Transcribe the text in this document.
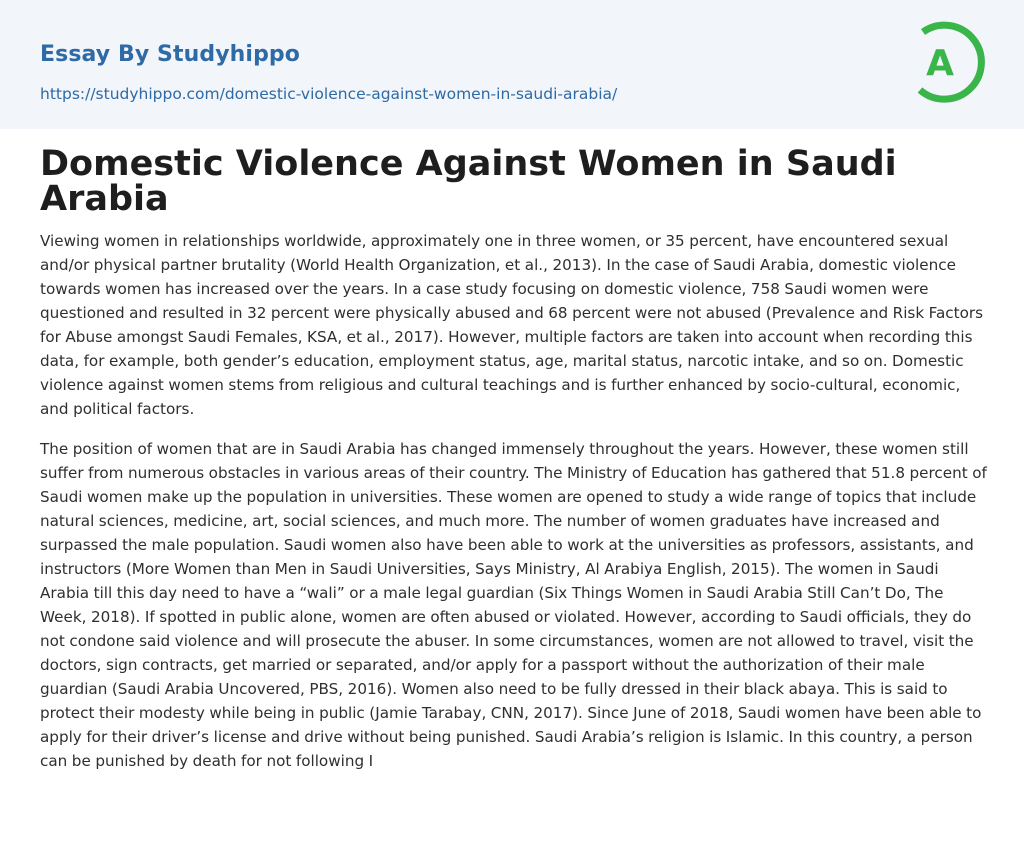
Essay By Studyhippo
https://studyhippo.com/domestic-violence-against-women-in-saudi-arabia/
A
Domestic Violence Against Women in Saudi Arabia

Viewing women in relationships worldwide, approximately one in three women, or 35 percent, have encountered sexual and/or physical partner brutality (World Health Organization, et al., 2013). In the case of Saudi Arabia, domestic violence towards women has increased over the years. In a case study focusing on domestic violence, 758 Saudi women were questioned and resulted in 32 percent were physically abused and 68 percent were not abused (Prevalence and Risk Factors for Abuse amongst Saudi Females, KSA, et al., 2017). However, multiple factors are taken into account when recording this data, for example, both gender’s education, employment status, age, marital status, narcotic intake, and so on. Domestic violence against women stems from religious and cultural teachings and is further enhanced by socio-cultural, economic, and political factors.

The position of women that are in Saudi Arabia has changed immensely throughout the years. However, these women still suffer from numerous obstacles in various areas of their country. The Ministry of Education has gathered that 51.8 percent of Saudi women make up the population in universities. These women are opened to study a wide range of topics that include natural sciences, medicine, art, social sciences, and much more. The number of women graduates have increased and surpassed the male population. Saudi women also have been able to work at the universities as professors, assistants, and instructors (More Women than Men in Saudi Universities, Says Ministry, Al Arabiya English, 2015). The women in Saudi Arabia till this day need to have a “wali” or a male legal guardian (Six Things Women in Saudi Arabia Still Can’t Do, The Week, 2018). If spotted in public alone, women are often abused or violated. However, according to Saudi officials, they do not condone said violence and will prosecute the abuser. In some circumstances, women are not allowed to travel, visit the doctors, sign contracts, get married or separated, and/or apply for a passport without the authorization of their male guardian (Saudi Arabia Uncovered, PBS, 2016). Women also need to be fully dressed in their black abaya. This is said to protect their modesty while being in public (Jamie Tarabay, CNN, 2017). Since June of 2018, Saudi women have been able to apply for their driver’s license and drive without being punished. Saudi Arabia’s religion is Islamic. In this country, a person can be punished by death for not following I
